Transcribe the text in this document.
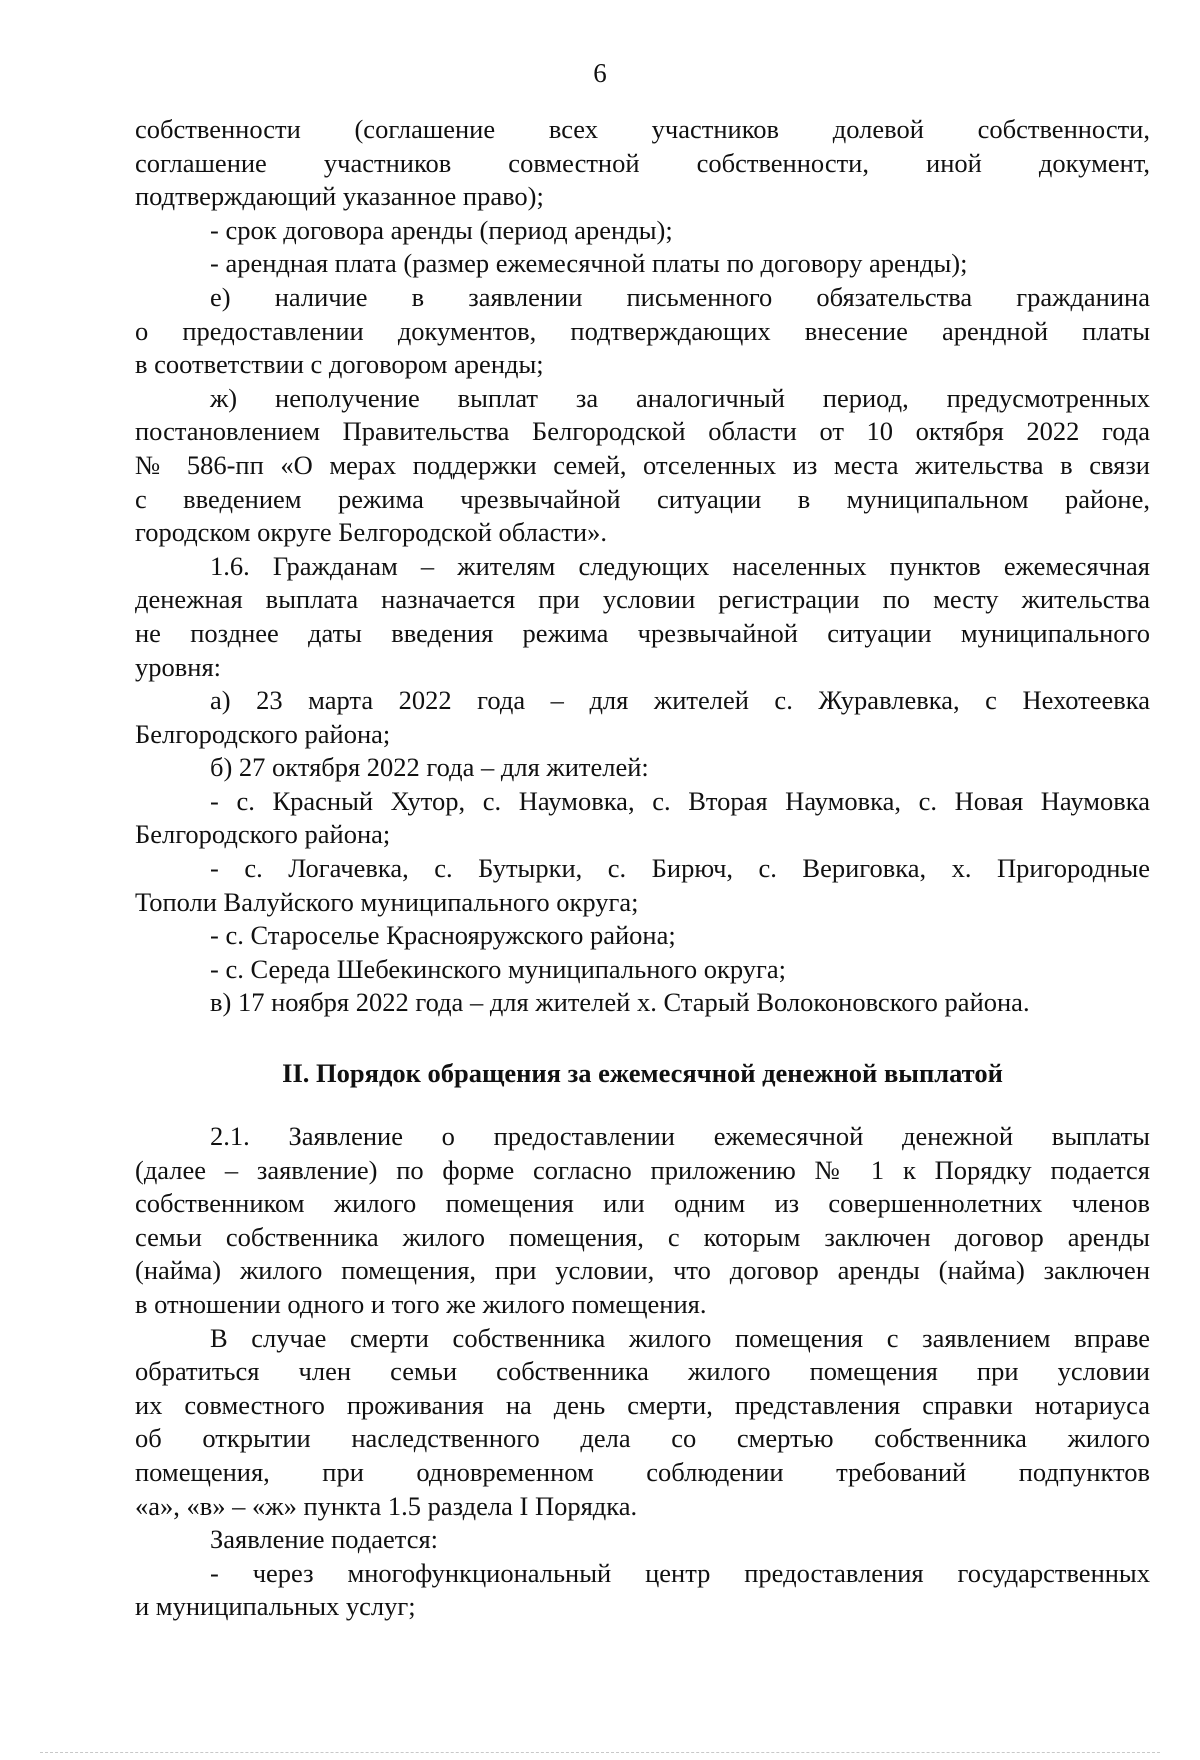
6
собственности (соглашение всех участников долевой собственности,
соглашение участников совместной собственности, иной документ,
подтверждающий указанное право);
- срок договора аренды (период аренды);
- арендная плата (размер ежемесячной платы по договору аренды);
е) наличие в заявлении письменного обязательства гражданина
о предоставлении документов, подтверждающих внесение арендной платы
в соответствии с договором аренды;
ж) неполучение выплат за аналогичный период, предусмотренных
постановлением Правительства Белгородской области от 10 октября 2022 года
№ 586-пп «О мерах поддержки семей, отселенных из места жительства в связи
с введением режима чрезвычайной ситуации в муниципальном районе,
городском округе Белгородской области».
1.6. Гражданам – жителям следующих населенных пунктов ежемесячная
денежная выплата назначается при условии регистрации по месту жительства
не позднее даты введения режима чрезвычайной ситуации муниципального
уровня:
а) 23 марта 2022 года – для жителей с. Журавлевка, с Нехотеевка
Белгородского района;
б) 27 октября 2022 года – для жителей:
- с. Красный Хутор, с. Наумовка, с. Вторая Наумовка, с. Новая Наумовка
Белгородского района;
- с. Логачевка, с. Бутырки, с. Бирюч, с. Вериговка, х. Пригородные
Тополи Валуйского муниципального округа;
- с. Староселье Краснояружского района;
- с. Середа Шебекинского муниципального округа;
в) 17 ноября 2022 года – для жителей х. Старый Волоконовского района.
II. Порядок обращения за ежемесячной денежной выплатой
2.1. Заявление о предоставлении ежемесячной денежной выплаты
(далее – заявление) по форме согласно приложению № 1 к Порядку подается
собственником жилого помещения или одним из совершеннолетних членов
семьи собственника жилого помещения, с которым заключен договор аренды
(найма) жилого помещения, при условии, что договор аренды (найма) заключен
в отношении одного и того же жилого помещения.
В случае смерти собственника жилого помещения с заявлением вправе
обратиться член семьи собственника жилого помещения при условии
их совместного проживания на день смерти, представления справки нотариуса
об открытии наследственного дела со смертью собственника жилого
помещения, при одновременном соблюдении требований подпунктов
«а», «в» – «ж» пункта 1.5 раздела I Порядка.
Заявление подается:
- через многофункциональный центр предоставления государственных
и муниципальных услуг;
